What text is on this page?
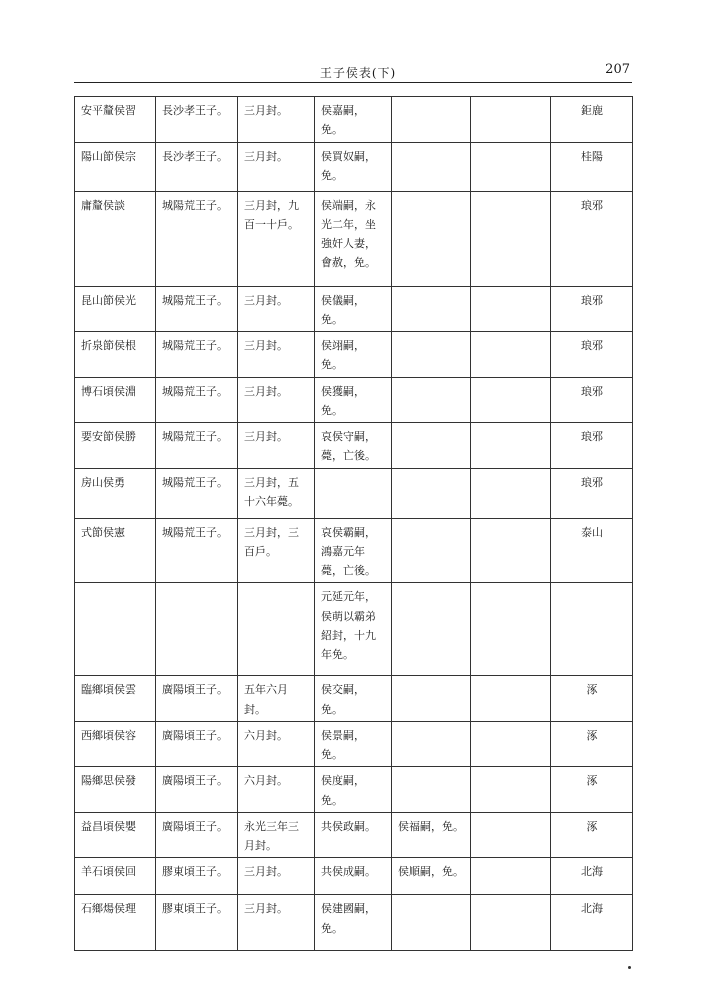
王子侯表(下)	207
安平釐侯習	長沙孝王子。	三月封。	侯嘉嗣，免。			鉅鹿
陽山節侯宗	長沙孝王子。	三月封。	侯買奴嗣，免。			桂陽
庸釐侯談	城陽荒王子。	三月封，九百一十戶。	侯端嗣，永光二年，坐強奸人妻，會赦，免。			琅邪
昆山節侯光	城陽荒王子。	三月封。	侯儀嗣，免。			琅邪
折泉節侯根	城陽荒王子。	三月封。	侯翊嗣，免。			琅邪
博石頃侯淵	城陽荒王子。	三月封。	侯獲嗣，免。			琅邪
要安節侯勝	城陽荒王子。	三月封。	哀侯守嗣，薨，亡後。			琅邪
房山侯勇	城陽荒王子。	三月封，五十六年薨。				琅邪
式節侯憲	城陽荒王子。	三月封，三百戶。	哀侯霸嗣，鴻嘉元年薨，亡後。			泰山
			元延元年，侯萌以霸弟紹封，十九年免。			
臨鄉頃侯雲	廣陽頃王子。	五年六月封。	侯交嗣，免。			涿
西鄉頃侯容	廣陽頃王子。	六月封。	侯景嗣，免。			涿
陽鄉思侯發	廣陽頃王子。	六月封。	侯度嗣，免。			涿
益昌頃侯嬰	廣陽頃王子。	永光三年三月封。	共侯政嗣。	侯福嗣，免。		涿
羊石頃侯回	膠東頃王子。	三月封。	共侯成嗣。	侯順嗣，免。		北海
石鄉煬侯理	膠東頃王子。	三月封。	侯建國嗣，免。			北海
